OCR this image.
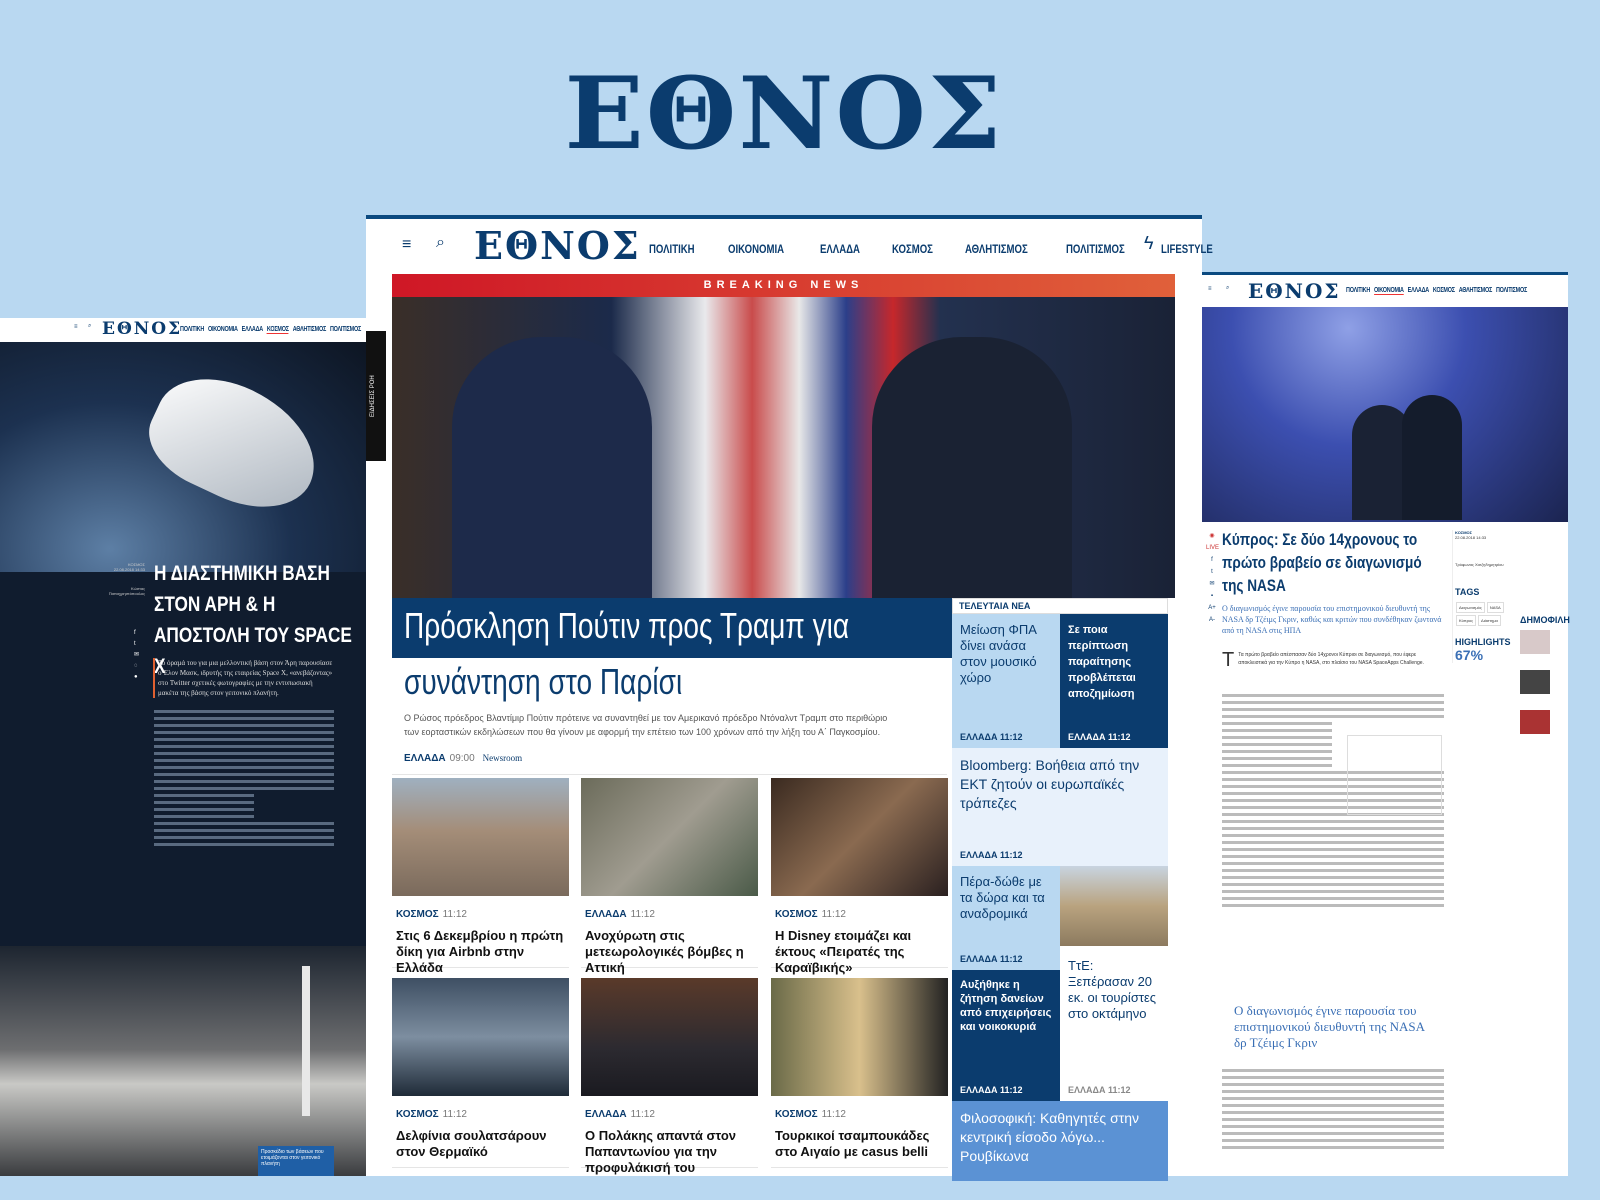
ΕΘΝΟΣ
≡ ⌕ ΕΘΝΟΣ
ΠΟΛΙΤΙΚΗ ΟΙΚΟΝΟΜΙΑ ΕΛΛΑΔΑ ΚΟΣΜΟΣ ΑΘΛΗΤΙΣΜΟΣ ΠΟΛΙΤΙΣΜΟΣ
ΚΟΣΜΟΣ
22.08.2018 14:33
Κώστας Παπαχρηστόπουλος
f
t
✉
◌
●
Η ΔΙΑΣΤΗΜΙΚΗ ΒΑΣΗ ΣΤΟΝ ΑΡΗ & Η ΑΠΟΣΤΟΛΗ ΤΟΥ SPACE X
Το όραμά του για μια μελλοντική βάση στον Άρη παρουσίασε ο Έλον Μασκ, ιδρυτής της εταιρείας Space X, «ανεβάζοντας» στο Twitter σχετικές φωτογραφίες με την εντυπωσιακή μακέτα της βάσης στον γειτονικό πλανήτη.
Προσκέδιο των βάσεων που ετοιμάζονται στον γειτονικό πλανήτη
≡ ⌕ ΕΘΝΟΣ ΠΟΛΙΤΙΚΗ ΟΙΚΟΝΟΜΙΑ ΕΛΛΑΔΑ ΚΟΣΜΟΣ ΑΘΛΗΤΙΣΜΟΣ ΠΟΛΙΤΙΣΜΟΣ
◉
LIVE
f
t
✉
▪
A+
A-
Κύπρος: Σε δύο 14χρονους το πρώτο βραβείο σε διαγωνισμό της NASA
Ο διαγωνισμός έγινε παρουσία του επιστημονικού διευθυντή της NASA δρ Τζέιμς Γκριν, καθώς και κριτών που συνδέθηκαν ζωντανά από τη NASA στις ΗΠΑ
Τ Τα πρώτο βραβείο απέσπασαν δύο 14χρονοι Κύπριοι σε διαγωνισμό, που έφερε αποκλειστικά για την Κύπρο η NASA, στο πλαίσιο του NASA SpaceApps Challenge.
Ο διαγωνισμός έγινε παρουσία του επιστημονικού διευθυντή της NASA δρ Τζέιμς Γκριν
ΚΟΣΜΟΣ
22.08.2018 14:33
Τρύφωνας Χατζηδημητρίου
TAGS
Διαγωνισμός NASAΚύπρος Διάστημα
HIGHLIGHTS
67%
ΔΗΜΟΦΙΛΗ
≡ ⌕ ΕΘΝΟΣ ΠΟΛΙΤΙΚΗ	ΟΙΚΟΝΟΜΙΑ	ΕΛΛΑΔΑ	ΚΟΣΜΟΣ	ΑΘΛΗΤΙΣΜΟΣ	ΠΟΛΙΤΙΣΜΟΣ	LIFESTYLE
ϟ
BREAKING NEWS
ΕΙΔΗΣΕΙΣ ΡΟΗ
Πρόσκληση Πούτιν προς Τραμπ για
συνάντηση στο Παρίσι
Ο Ρώσος πρόεδρος Βλαντίμιρ Πούτιν πρότεινε να συναντηθεί με τον Αμερικανό πρόεδρο Ντόναλντ Τραμπ στο περιθώριο των εορταστικών εκδηλώσεων που θα γίνουν με αφορμή την επέτειο των 100 χρόνων από την λήξη του Α΄ Παγκοσμίου.
ΕΛΛΑΔΑ 09:00 Newsroom
ΚΟΣΜΟΣ 11:12
Στις 6 Δεκεμβρίου η πρώτη δίκη για Airbnb στην Ελλάδα
ΕΛΛΑΔΑ 11:12
Ανοχύρωτη στις μετεωρολογικές βόμβες η Αττική
ΚΟΣΜΟΣ 11:12
Η Disney ετοιμάζει και έκτους «Πειρατές της Καραϊβικής»
ΚΟΣΜΟΣ 11:12
Δελφίνια σουλατσάρουν στον Θερμαϊκό
ΕΛΛΑΔΑ 11:12
Ο Πολάκης απαντά στον Παπαντωνίου για την προφυλάκισή του
ΚΟΣΜΟΣ 11:12
Τουρκικοί τσαμπουκάδες στο Αιγαίο με casus belli
ΤΕΛΕΥΤΑΙΑ ΝΕΑ
Μείωση ΦΠΑ δίνει ανάσα στον μουσικό χώρο
ΕΛΛΑΔΑ 11:12
Σε ποια περίπτωση παραίτησης προβλέπεται αποζημίωση
ΕΛΛΑΔΑ 11:12
Bloomberg: Βοήθεια από την ΕΚΤ ζητούν οι ευρωπαϊκές τράπεζες
ΕΛΛΑΔΑ 11:12
Πέρα-δώθε με τα δώρα και τα αναδρομικά
ΕΛΛΑΔΑ 11:12
Αυξήθηκε η ζήτηση δανείων από επιχειρήσεις και νοικοκυριά
ΕΛΛΑΔΑ 11:12
ΤτΕ: Ξεπέρασαν 20 εκ. οι τουρίστες στο οκτάμηνο
ΕΛΛΑΔΑ 11:12
Φιλοσοφική: Καθηγητές στην κεντρική είσοδο λόγω... Ρουβίκωνα
